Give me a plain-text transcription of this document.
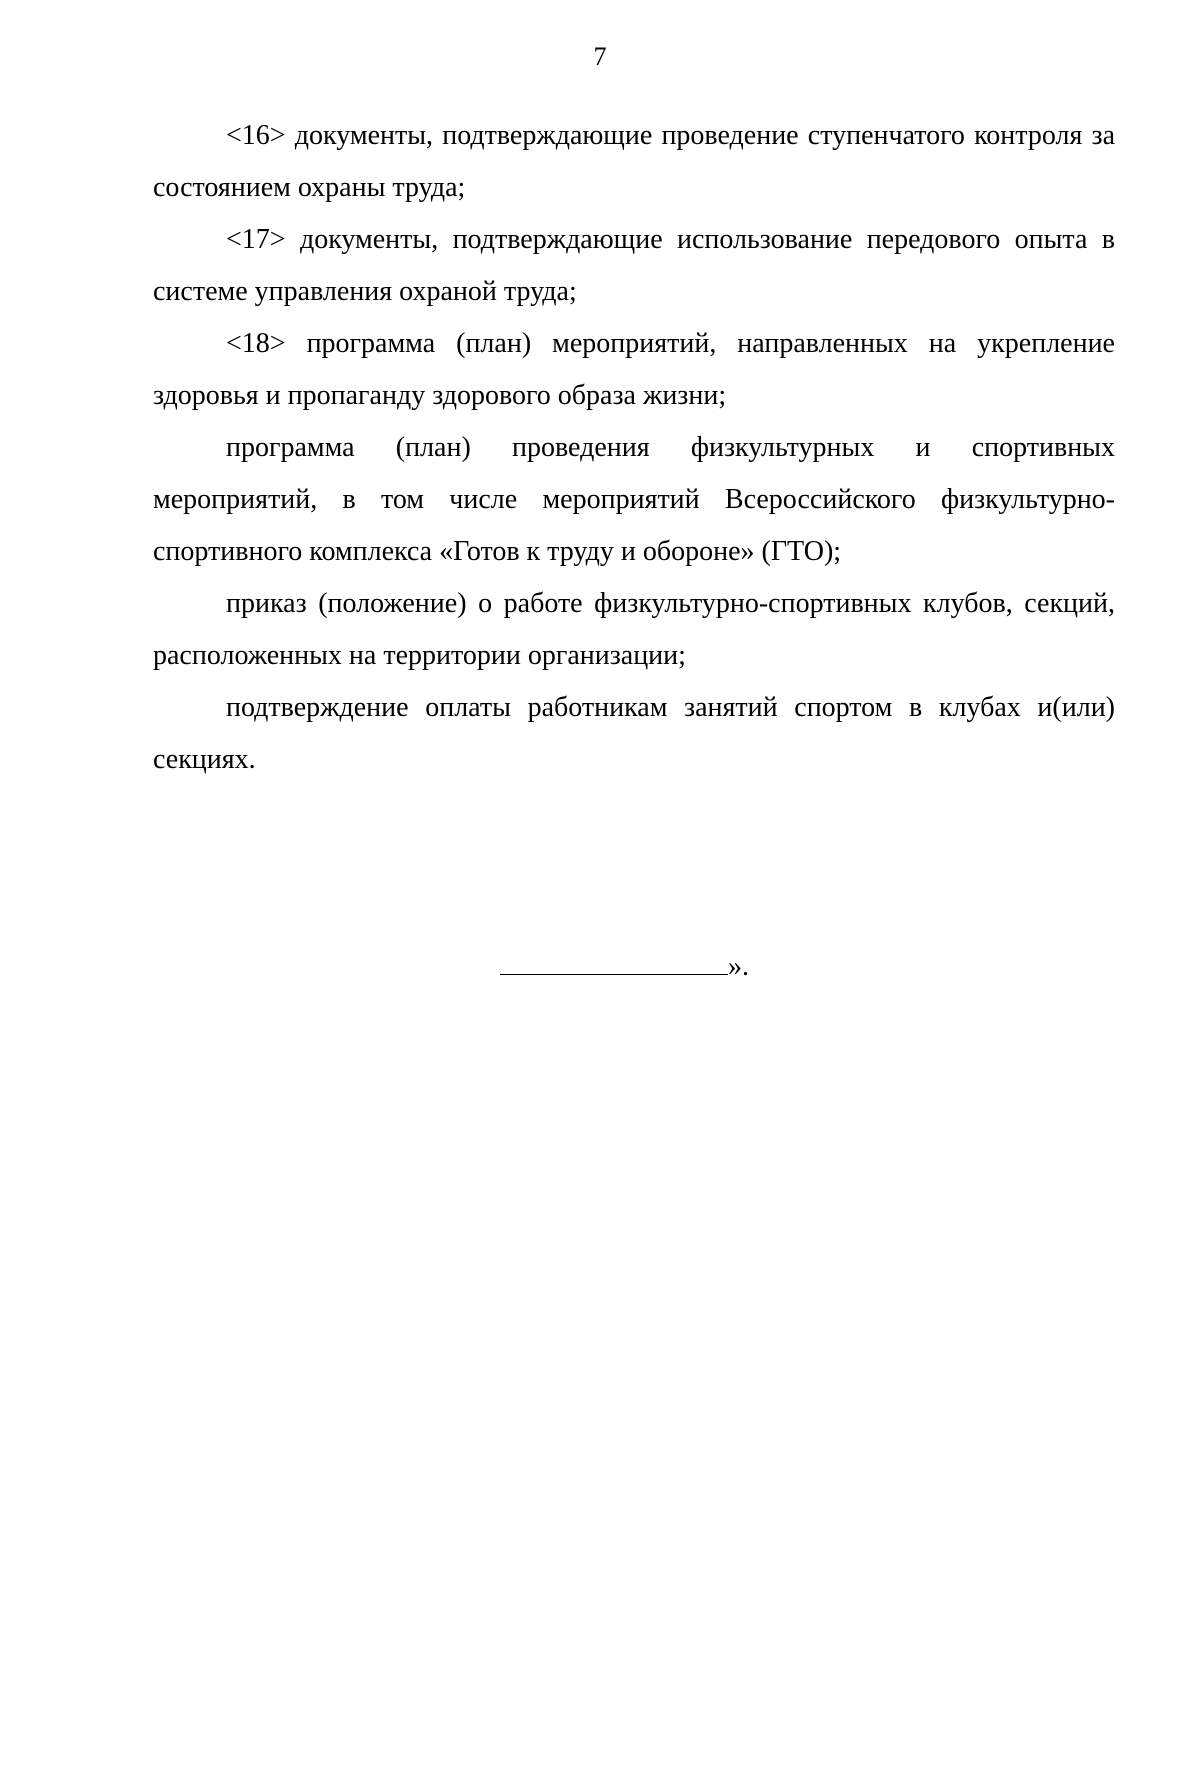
7

<16> документы, подтверждающие проведение ступенчатого контроля за состоянием охраны труда;

<17> документы, подтверждающие использование передового опыта в системе управления охраной труда;

<18> программа (план) мероприятий, направленных на укрепление здоровья и пропаганду здорового образа жизни;

программа (план) проведения физкультурных и спортивных мероприятий, в том числе мероприятий Всероссийского физкультурно-спортивного комплекса «Готов к труду и обороне» (ГТО);

приказ (положение) о работе физкультурно-спортивных клубов, секций, расположенных на территории организации;

подтверждение оплаты работникам занятий спортом в клубах и(или) секциях.

».
